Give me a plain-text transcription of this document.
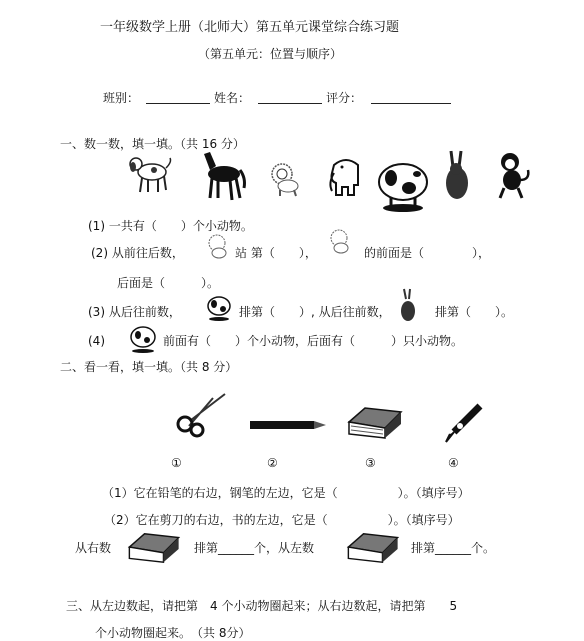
一年级数学上册（北师大）第五单元课堂综合练习题
（第五单元：位置与顺序）
班别：	姓名：	评分：
一、数一数，填一填。（共 16 分）
(1) 一共有（　　）个小动物。
(2) 从前往后数，	站 第（　　），	的前面是（　　　　），
后面是（　　　）。
(3) 从后往前数，	排第（　　）, 从后往前数，	排第（　　）。
(4)	前面有（　　）个小动物，后面有（　　　）只小动物。
二、看一看，填一填。（共 8 分）
①	②	③	④
（1）它在铅笔的右边，钢笔的左边，它是（　　　　　）。（填序号）
（2）它在剪刀的右边，书的左边，它是（　　　　　）。（填序号）
从右数	排第______个，从左数	排第______个。
三、从左边数起，请把第　4 个小动物圈起来；从右边数起，请把第　　5
个小动物圈起来。　（共 8分）
